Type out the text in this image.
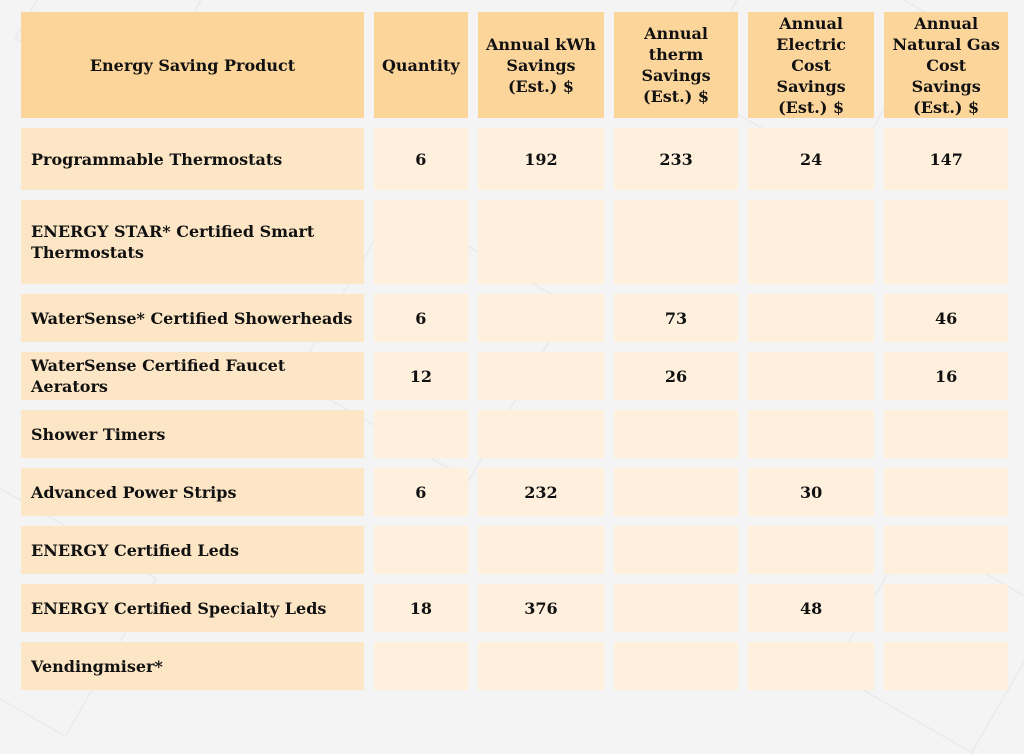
Energy Saving Product	Quantity	Annual kWh Savings (Est.) $	Annual therm Savings (Est.) $	Annual Electric Cost Savings (Est.) $	Annual Natural Gas Cost Savings (Est.) $
Programmable Thermostats	6	192	233	24	147
ENERGY STAR* Certified Smart Thermostats					
WaterSense* Certified Showerheads	6		73		46
WaterSense Certified Faucet Aerators	12		26		16
Shower Timers					
Advanced Power Strips	6	232		30	
ENERGY Certified Leds					
ENERGY Certified Specialty Leds	18	376		48	
Vendingmiser*					
